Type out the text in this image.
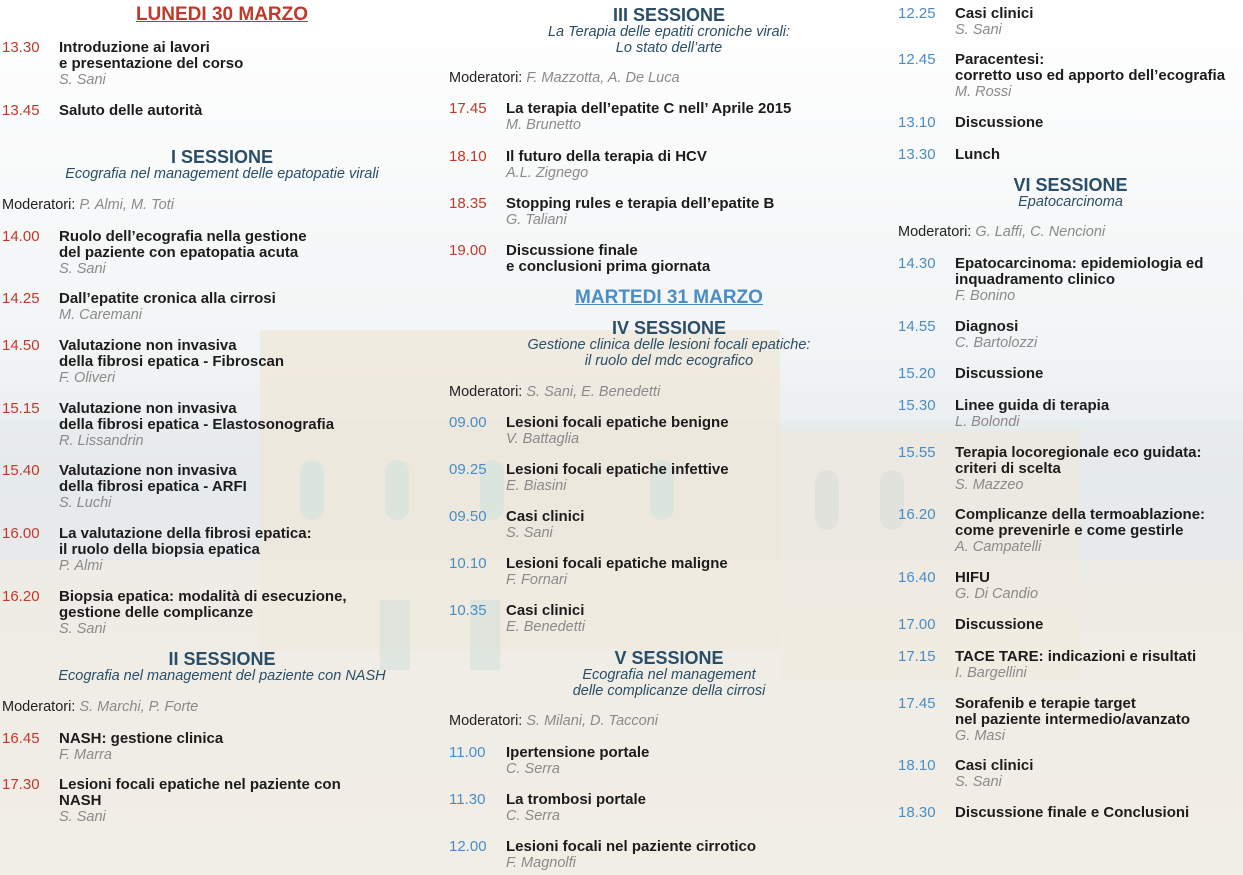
LUNEDI 30 MARZO
13.30	Introduzione ai lavori
e presentazione del corso
S. Sani
13.45	Saluto delle autorità
I SESSIONE
Ecografia nel management delle epatopatie virali
Moderatori: P. Almi, M. Toti
14.00	Ruolo dell’ecografia nella gestione
del paziente con epatopatia acuta
S. Sani
14.25	Dall’epatite cronica alla cirrosi
M. Caremani
14.50	Valutazione non invasiva
della fibrosi epatica - Fibroscan
F. Oliveri
15.15	Valutazione non invasiva
della fibrosi epatica - Elastosonografia
R. Lissandrin
15.40	Valutazione non invasiva
della fibrosi epatica - ARFI
S. Luchi
16.00	La valutazione della fibrosi epatica:
il ruolo della biopsia epatica
P. Almi
16.20	Biopsia epatica: modalità di esecuzione,
gestione delle complicanze
S. Sani
II SESSIONE
Ecografia nel management del paziente con NASH
Moderatori: S. Marchi, P. Forte
16.45	NASH: gestione clinica
F. Marra
17.30	Lesioni focali epatiche nel paziente con
NASH
S. Sani
III SESSIONE
La Terapia delle epatiti croniche virali:
Lo stato dell’arte
Moderatori: F. Mazzotta, A. De Luca
17.45	La terapia dell’epatite C nell’ Aprile 2015
M. Brunetto
18.10	Il futuro della terapia di HCV
A.L. Zignego
18.35	Stopping rules e terapia dell’epatite B
G. Taliani
19.00	Discussione finale
e conclusioni prima giornata
MARTEDI 31 MARZO
IV SESSIONE
Gestione clinica delle lesioni focali epatiche:
il ruolo del mdc ecografico
Moderatori: S. Sani, E. Benedetti
09.00	Lesioni focali epatiche benigne
V. Battaglia
09.25	Lesioni focali epatiche infettive
E. Biasini
09.50	Casi clinici
S. Sani
10.10	Lesioni focali epatiche maligne
F. Fornari
10.35	Casi clinici
E. Benedetti
V SESSIONE
Ecografia nel management
delle complicanze della cirrosi
Moderatori: S. Milani, D. Tacconi
11.00	Ipertensione portale
C. Serra
11.30	La trombosi portale
C. Serra
12.00	Lesioni focali nel paziente cirrotico
F. Magnolfi
12.25	Casi clinici
S. Sani
12.45	Paracentesi:
corretto uso ed apporto dell’ecografia
M. Rossi
13.10	Discussione
13.30	Lunch
VI SESSIONE
Epatocarcinoma
Moderatori: G. Laffi, C. Nencioni
14.30	Epatocarcinoma: epidemiologia ed
inquadramento clinico
F. Bonino
14.55	Diagnosi
C. Bartolozzi
15.20	Discussione
15.30	Linee guida di terapia
L. Bolondi
15.55	Terapia locoregionale eco guidata:
criteri di scelta
S. Mazzeo
16.20	Complicanze della termoablazione:
come prevenirle e come gestirle
A. Campatelli
16.40	HIFU
G. Di Candio
17.00	Discussione
17.15	TACE TARE: indicazioni e risultati
I. Bargellini
17.45	Sorafenib e terapie target
nel paziente intermedio/avanzato
G. Masi
18.10	Casi clinici
S. Sani
18.30	Discussione finale e Conclusioni
